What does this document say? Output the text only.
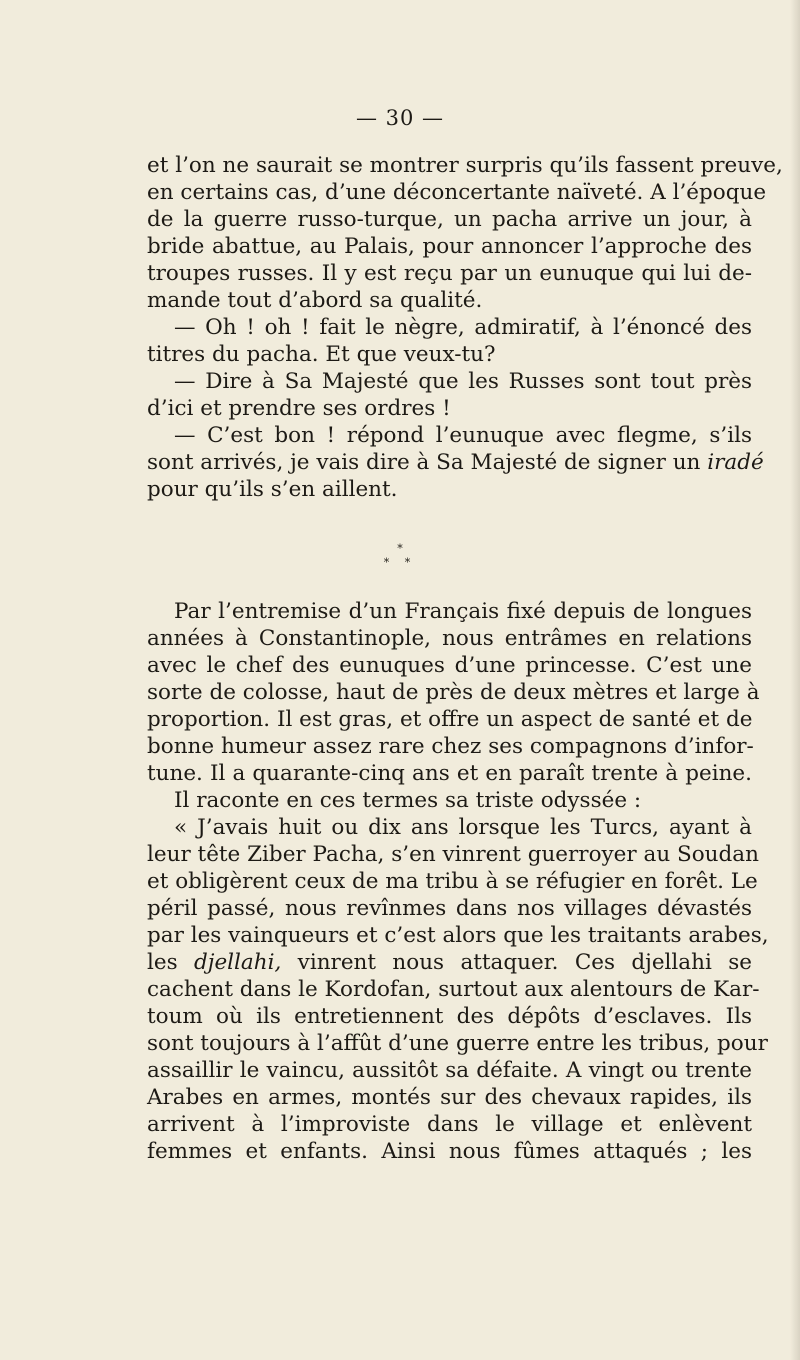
— 30 —
et l’on ne saurait se montrer surpris qu’ils fassent preuve,
en certains cas, d’une déconcertante naïveté. A l’époque
de la guerre russo-turque, un pacha arrive un jour, à
bride abattue, au Palais, pour annoncer l’approche des
troupes russes. Il y est reçu par un eunuque qui lui de-
mande tout d’abord sa qualité.
— Oh ! oh ! fait le nègre, admiratif, à l’énoncé des
titres du pacha. Et que veux-tu?
— Dire à Sa Majesté que les Russes sont tout près
d’ici et prendre ses ordres !
— C’est bon ! répond l’eunuque avec flegme, s’ils
sont arrivés, je vais dire à Sa Majesté de signer un iradé
pour qu’ils s’en aillent.
*
* *
Par l’entremise d’un Français fixé depuis de longues
années à Constantinople, nous entrâmes en relations
avec le chef des eunuques d’une princesse. C’est une
sorte de colosse, haut de près de deux mètres et large à
proportion. Il est gras, et offre un aspect de santé et de
bonne humeur assez rare chez ses compagnons d’infor-
tune. Il a quarante-cinq ans et en paraît trente à peine.
Il raconte en ces termes sa triste odyssée :
« J’avais huit ou dix ans lorsque les Turcs, ayant à
leur tête Ziber Pacha, s’en vinrent guerroyer au Soudan
et obligèrent ceux de ma tribu à se réfugier en forêt. Le
péril passé, nous revînmes dans nos villages dévastés
par les vainqueurs et c’est alors que les traitants arabes,
les djellahi, vinrent nous attaquer. Ces djellahi se
cachent dans le Kordofan, surtout aux alentours de Kar-
toum où ils entretiennent des dépôts d’esclaves. Ils
sont toujours à l’affût d’une guerre entre les tribus, pour
assaillir le vaincu, aussitôt sa défaite. A vingt ou trente
Arabes en armes, montés sur des chevaux rapides, ils
arrivent à l’improviste dans le village et enlèvent
femmes et enfants. Ainsi nous fûmes attaqués ; les
